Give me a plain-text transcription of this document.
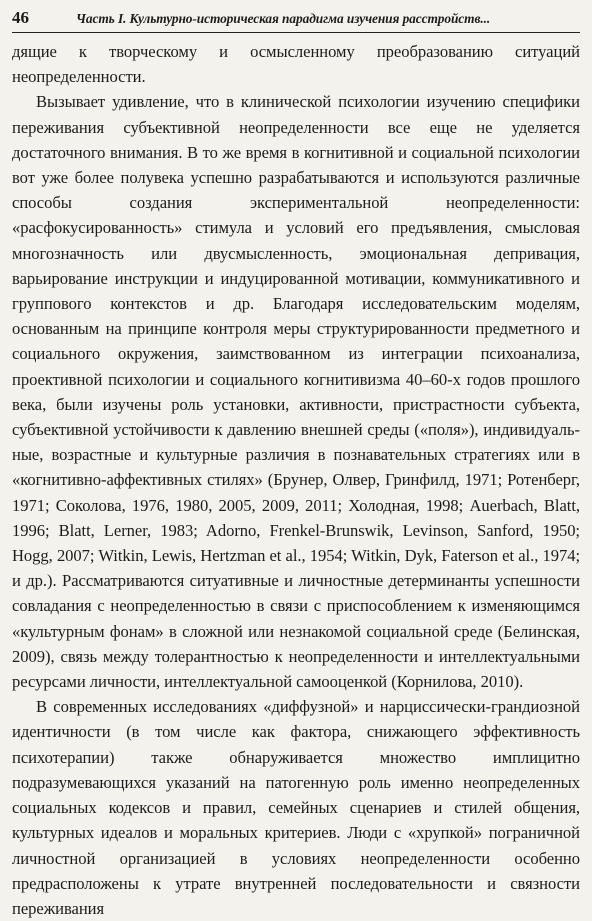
46	Часть I. Культурно-историческая парадигма изучения расстройств...

дящие к творческому и осмысленному преобразованию ситуаций неопределенности.

Вызывает удивление, что в клинической психологии изучению специфики переживания субъективной неопределенности все еще не уделяется достаточного внимания. В то же время в когнитивной и социальной психологии вот уже более полувека успешно разрабатываются и используются различные способы создания экспериментальной неопределенности: «расфокусированность» стимула и условий его предъявления, смысловая многозначность или двусмысленность, эмоциональная депривация, варьирование инструкции и индуцированной мотивации, коммуникативного и группового контекстов и др. Благодаря исследовательским моделям, основанным на принципе контроля меры структурированности предметного и социального окружения, заимствованном из интеграции психоанализа, проективной психологии и социального когнитивизма 40–60-х годов прошлого века, были изучены роль установки, активности, пристрастности субъекта, субъективной устойчивости к давлению внешней среды («поля»), индивидуальные, возрастные и культурные различия в познавательных стратегиях или в «когнитивно-аффективных стилях» (Брунер, Олвер, Гринфилд, 1971; Ротенберг, 1971; Соколова, 1976, 1980, 2005, 2009, 2011; Холодная, 1998; Auerbach, Blatt, 1996; Blatt, Lerner, 1983; Adorno, Frenkel-Brunswik, Levinson, Sanford, 1950; Hogg, 2007; Witkin, Lewis, Hertzman et al., 1954; Witkin, Dyk, Faterson et al., 1974; и др.). Рассматриваются ситуативные и личностные детерминанты успешности совладания с неопределенностью в связи с приспособлением к изменяющимся «культурным фонам» в сложной или незнакомой социальной среде (Белинская, 2009), связь между толерантностью к неопределенности и интеллектуальными ресурсами личности, интеллектуальной самооценкой (Корнилова, 2010).

В современных исследованиях «диффузной» и нарциссически-грандиозной идентичности (в том числе как фактора, снижающего эффективность психотерапии) также обнаруживается множество имплицитно подразумевающихся указаний на патогенную роль именно неопределенных социальных кодексов и правил, семейных сценариев и стилей общения, культурных идеалов и моральных критериев. Люди с «хрупкой» пограничной личностной организацией в условиях неопределенности особенно предрасположены к утрате внутренней последовательности и связности переживания
